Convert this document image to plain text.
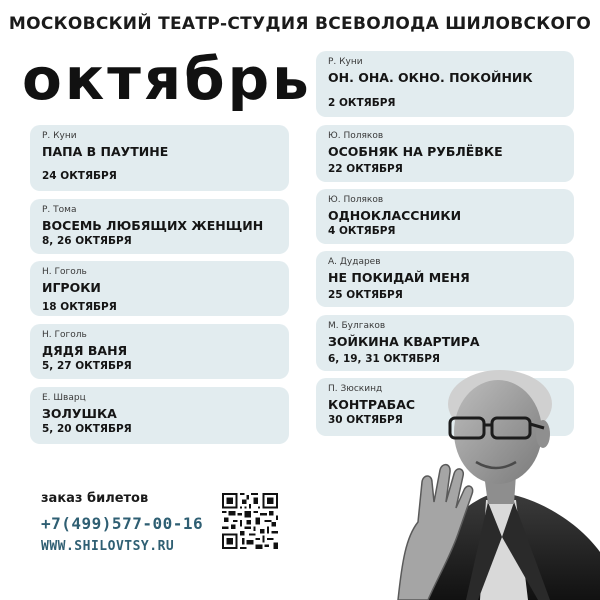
МОСКОВСКИЙ ТЕАТР-СТУДИЯ ВСЕВОЛОДА ШИЛОВСКОГО
октябрь
Р. Куни
ПАПА В ПАУТИНЕ
24 ОКТЯБРЯ
Р. Тома
ВОСЕМЬ ЛЮБЯЩИХ ЖЕНЩИН
8, 26 ОКТЯБРЯ
Н. Гоголь
ИГРОКИ
18 ОКТЯБРЯ
Н. Гоголь
ДЯДЯ ВАНЯ
5, 27 ОКТЯБРЯ
Е. Шварц
ЗОЛУШКА
5, 20 ОКТЯБРЯ
Р. Куни
ОН. ОНА. ОКНО. ПОКОЙНИК
2 ОКТЯБРЯ
Ю. Поляков
ОСОБНЯК НА РУБЛЁВКЕ
22 ОКТЯБРЯ
Ю. Поляков
ОДНОКЛАССНИКИ
4 ОКТЯБРЯ
А. Дударев
НЕ ПОКИДАЙ МЕНЯ
25 ОКТЯБРЯ
М. Булгаков
ЗОЙКИНА КВАРТИРА
6, 19, 31 ОКТЯБРЯ
П. Зюскинд
КОНТРАБАС
30 ОКТЯБРЯ
заказ билетов
+7(499)577-00-16
WWW.SHILOVTSY.RU
